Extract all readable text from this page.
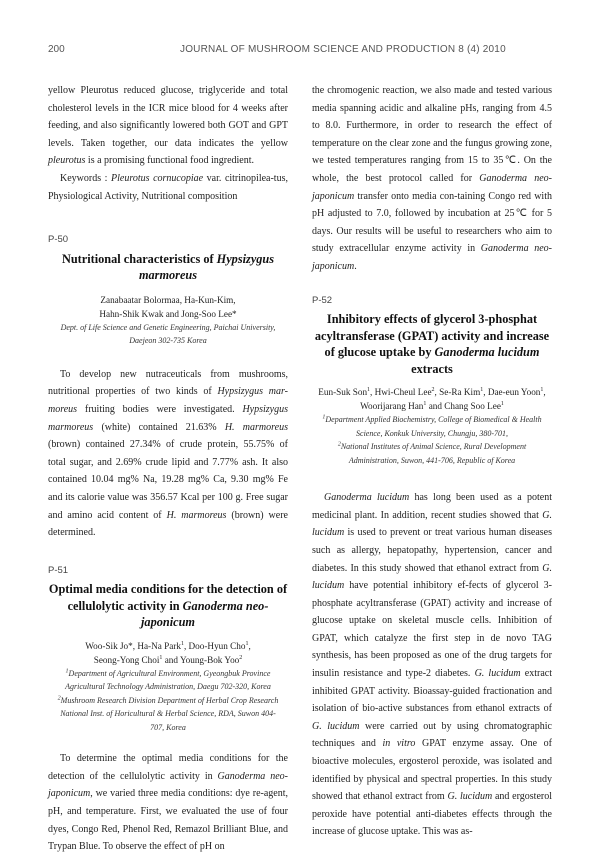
200	JOURNAL OF MUSHROOM SCIENCE AND PRODUCTION 8 (4) 2010

yellow Pleurotus reduced glucose, triglyceride and total cholesterol levels in the ICR mice blood for 4 weeks after feeding, and also significantly lowered both GOT and GPT levels. Taken together, our data indicates the yellow pleurotus is a promising functional food ingredient.

Keywords : Pleurotus cornucopiae var. citrinopilea-tus, Physiological Activity, Nutritional composition

P-50
Nutritional characteristics of Hypsizygus marmoreus
Zanabaatar Bolormaa, Ha-Kun-Kim,
Hahn-Shik Kwak and Jong-Soo Lee*
Dept. of Life Science and Genetic Engineering, Paichai University, Daejeon 302-735 Korea

To develop new nutraceuticals from mushrooms, nutritional properties of two kinds of Hypsizygus mar-moreus fruiting bodies were investigated. Hypsizygus marmoreus (white) contained 21.63% H. marmoreus (brown) contained 27.34% of crude protein, 55.75% of total sugar, and 2.69% crude lipid and 7.77% ash. It also contained 10.04 mg% Na, 19.28 mg% Ca, 9.30 mg% Fe and its calorie value was 356.57 Kcal per 100 g. Free sugar and amino acid content of H. marmoreus (brown) were determined.

P-51
Optimal media conditions for the detection of cellulolytic activity in Ganoderma neo-japonicum
Woo-Sik Jo*, Ha-Na Park$^1$, Doo-Hyun Cho$^1$,
Seong-Yong Choi$^1$ and Young-Bok Yoo$^2$
$^1$Department of Agricultural Environment, Gyeongbuk Province Agricultural Technology Administration, Daegu 702-320, Korea
$^2$Mushroom Research Division Department of Herbal Crop Research National Inst. of Horicultural & Herbal Science, RDA, Suwon 404-707, Korea

To determine the optimal media conditions for the detection of the cellulolytic activity in Ganoderma neo-japonicum, we varied three media conditions: dye re-agent, pH, and temperature. First, we evaluated the use of four dyes, Congo Red, Phenol Red, Remazol Brilliant Blue, and Trypan Blue. To observe the effect of pH on

the chromogenic reaction, we also made and tested various media spanning acidic and alkaline pHs, ranging from 4.5 to 8.0. Furthermore, in order to research the effect of temperature on the clear zone and the fungus growing zone, we tested temperatures ranging from 15 to 35℃. On the whole, the best protocol called for Ganoderma neo-japonicum transfer onto media con-taining Congo red with pH adjusted to 7.0, followed by incubation at 25℃ for 5 days. Our results will be useful to researchers who aim to study extracellular enzyme activity in Ganoderma neo-japonicum.

P-52
Inhibitory effects of glycerol 3-phosphat acyltransferase (GPAT) activity and increase of glucose uptake by Ganoderma lucidum extracts
Eun-Suk Son$^1$, Hwi-Cheul Lee$^2$, Se-Ra Kim$^1$, Dae-eun Yoon$^1$,
Woorijarang Han$^1$ and Chang Soo Lee$^1$
$^1$Department Applied Biochemistry, College of Biomedical & Health Science, Konkuk University, Chungju, 380-701,
$^2$National Institutes of Animal Science, Rural Development Administration, Suwon, 441-706, Republic of Korea

Ganoderma lucidum has long been used as a potent medicinal plant. In addition, recent studies showed that G. lucidum is used to prevent or treat various human diseases such as allergy, hepatopathy, hypertension, cancer and diabetes. In this study showed that ethanol extract from G. lucidum have potential inhibitory ef-fects of glycerol 3-phosphate acyltransferase (GPAT) activity and increase of glucose uptake on skeletal muscle cells. Inhibition of GPAT, which catalyze the first step in de novo TAG synthesis, has been proposed as one of the drug targets for insulin resistance and type-2 diabetes. G. lucidum extract inhibited GPAT activity. Bioassay-guided fractionation and isolation of bio-active substances from ethanol extracts of G. lucidum were carried out by using chromatographic techniques and in vitro GPAT enzyme assay. One of bioactive molecules, ergosterol peroxide, was isolated and identified by physical and spectral properties. In this study showed that ethanol extract from G. lucidum and ergosterol peroxide have potential anti-diabetes effects through the increase of glucose uptake. This was as-
